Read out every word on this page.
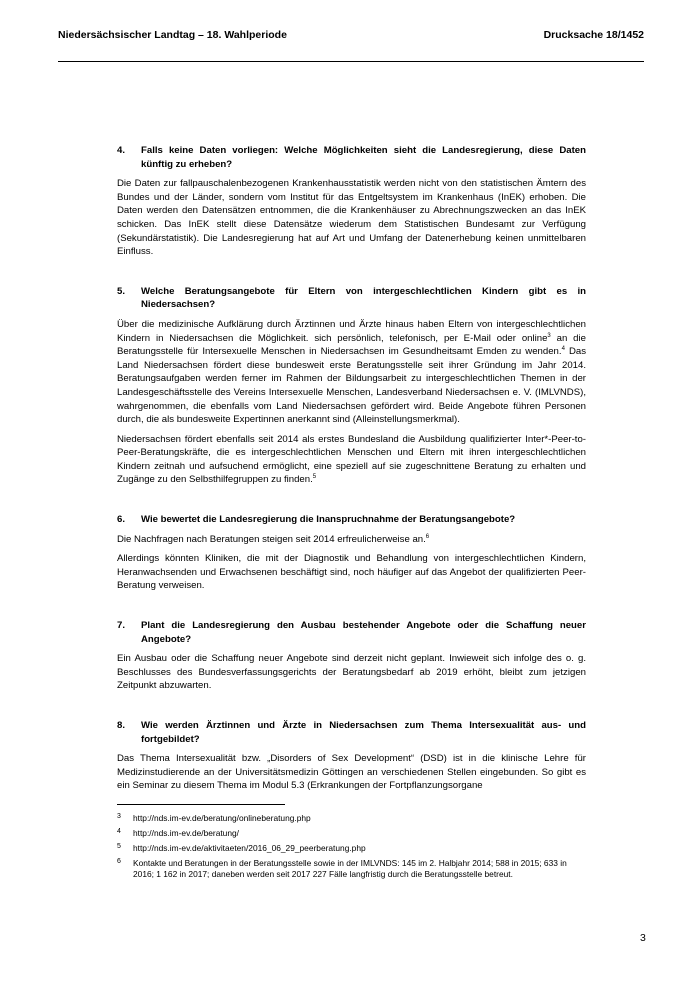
Niedersächsischer Landtag – 18. Wahlperiode	Drucksache 18/1452
4.	Falls keine Daten vorliegen: Welche Möglichkeiten sieht die Landesregierung, diese Daten künftig zu erheben?

Die Daten zur fallpauschalenbezogenen Krankenhausstatistik werden nicht von den statistischen Ämtern des Bundes und der Länder, sondern vom Institut für das Entgeltsystem im Krankenhaus (InEK) erhoben. Die Daten werden den Datensätzen entnommen, die die Krankenhäuser zu Abrechnungszwecken an das InEK schicken. Das InEK stellt diese Datensätze wiederum dem Statistischen Bundesamt zur Verfügung (Sekundärstatistik). Die Landesregierung hat auf Art und Umfang der Datenerhebung keinen unmittelbaren Einfluss.

5.	Welche Beratungsangebote für Eltern von intergeschlechtlichen Kindern gibt es in Niedersachsen?

Über die medizinische Aufklärung durch Ärztinnen und Ärzte hinaus haben Eltern von intergeschlechtlichen Kindern in Niedersachsen die Möglichkeit. sich persönlich, telefonisch, per E-Mail oder online$^3$ an die Beratungsstelle für Intersexuelle Menschen in Niedersachsen im Gesundheitsamt Emden zu wenden.$^4$ Das Land Niedersachsen fördert diese bundesweit erste Beratungsstelle seit ihrer Gründung im Jahr 2014. Beratungsaufgaben werden ferner im Rahmen der Bildungsarbeit zu intergeschlechtlichen Themen in der Landesgeschäftsstelle des Vereins Intersexuelle Menschen, Landesverband Niedersachsen e. V. (IMLVNDS), wahrgenommen, die ebenfalls vom Land Niedersachsen gefördert wird. Beide Angebote führen Personen durch, die als bundesweite Expertinnen anerkannt sind (Alleinstellungsmerkmal).

Niedersachsen fördert ebenfalls seit 2014 als erstes Bundesland die Ausbildung qualifizierter Inter*-Peer-to-Peer-Beratungskräfte, die es intergeschlechtlichen Menschen und Eltern mit ihren intergeschlechtlichen Kindern zeitnah und aufsuchend ermöglicht, eine speziell auf sie zugeschnittene Beratung zu erhalten und Zugänge zu den Selbsthilfegruppen zu finden.$^5$

6.	Wie bewertet die Landesregierung die Inanspruchnahme der Beratungsangebote?

Die Nachfragen nach Beratungen steigen seit 2014 erfreulicherweise an.$^6$

Allerdings könnten Kliniken, die mit der Diagnostik und Behandlung von intergeschlechtlichen Kindern, Heranwachsenden und Erwachsenen beschäftigt sind, noch häufiger auf das Angebot der qualifizierten Peer-Beratung verweisen.

7.	Plant die Landesregierung den Ausbau bestehender Angebote oder die Schaffung neuer Angebote?

Ein Ausbau oder die Schaffung neuer Angebote sind derzeit nicht geplant. Inwieweit sich infolge des o. g. Beschlusses des Bundesverfassungsgerichts der Beratungsbedarf ab 2019 erhöht, bleibt zum jetzigen Zeitpunkt abzuwarten.

8.	Wie werden Ärztinnen und Ärzte in Niedersachsen zum Thema Intersexualität aus- und fortgebildet?

Das Thema Intersexualität bzw. „Disorders of Sex Development“ (DSD) ist in die klinische Lehre für Medizinstudierende an der Universitätsmedizin Göttingen an verschiedenen Stellen eingebunden. So gibt es ein Seminar zu diesem Thema im Modul 5.3 (Erkrankungen der Fortpflanzungsorgane

3	http://nds.im-ev.de/beratung/onlineberatung.php
4	http://nds.im-ev.de/beratung/
5	http://nds.im-ev.de/aktivitaeten/2016_06_29_peerberatung.php
6	Kontakte und Beratungen in der Beratungsstelle sowie in der IMLVNDS: 145 im 2. Halbjahr 2014; 588 in 2015; 633 in 2016; 1 162 in 2017; daneben werden seit 2017 227 Fälle langfristig durch die Beratungsstelle betreut.
3
